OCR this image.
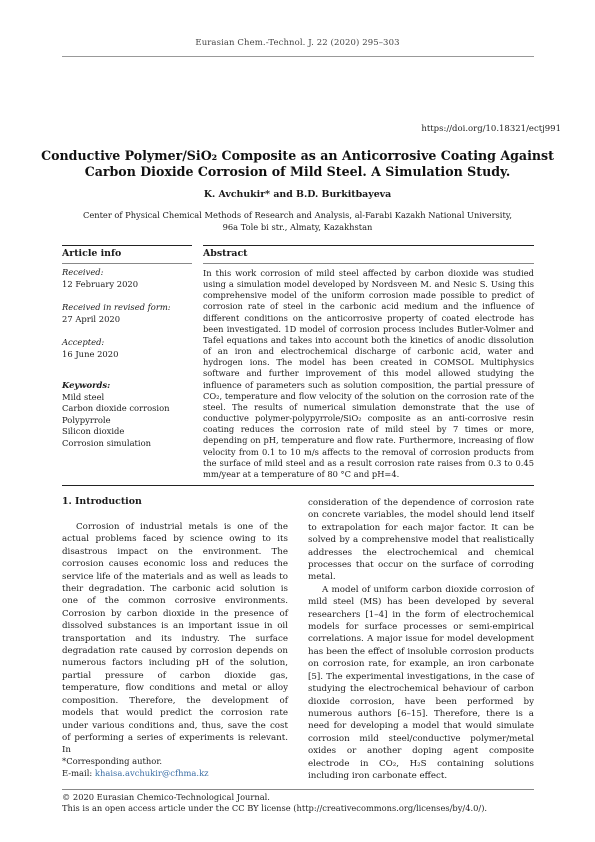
Eurasian Chem.-Technol. J. 22 (2020) 295–303
https://doi.org/10.18321/ectj991
Conductive Polymer/SiO₂ Composite as an Anticorrosive Coating Against
Carbon Dioxide Corrosion of Mild Steel. A Simulation Study.
K. Avchukir* and B.D. Burkitbayeva
Center of Physical Chemical Methods of Research and Analysis, al-Farabi Kazakh National University,
96a Tole bi str., Almaty, Kazakhstan
Article info
Received:
12 February 2020
Received in revised form:
27 April 2020
Accepted:
16 June 2020
Keywords:
Mild steel
Carbon dioxide corrosion
Polypyrrole
Silicon dioxide
Corrosion simulation
Abstract
In this work corrosion of mild steel affected by carbon dioxide was studied using a simulation model developed by Nordsveen M. and Nesic S. Using this comprehensive model of the uniform corrosion made possible to predict of corrosion rate of steel in the carbonic acid medium and the influence of different conditions on the anticorrosive property of coated electrode has been investigated. 1D model of corrosion process includes Butler-Volmer and Tafel equations and takes into account both the kinetics of anodic dissolution of an iron and electrochemical discharge of carbonic acid, water and hydrogen ions. The model has been created in COMSOL Multiphysics software and further improvement of this model allowed studying the influence of parameters such as solution composition, the partial pressure of CO₂, temperature and flow velocity of the solution on the corrosion rate of the steel. The results of numerical simulation demonstrate that the use of conductive polymer-polypyrrole/SiO₂ composite as an anti-corrosive resin coating reduces the corrosion rate of mild steel by 7 times or more, depending on pH, temperature and flow rate. Furthermore, increasing of flow velocity from 0.1 to 10 m/s affects to the removal of corrosion products from the surface of mild steel and as a result corrosion rate raises from 0.3 to 0.45 mm/year at a temperature of 80 °C and pH=4.
1. Introduction

Corrosion of industrial metals is one of the actual problems faced by science owing to its disastrous impact on the environment. The corrosion causes economic loss and reduces the service life of the materials and as well as leads to their degradation. The carbonic acid solution is one of the common corrosive environments. Corrosion by carbon dioxide in the presence of dissolved substances is an important issue in oil transportation and its industry. The surface degradation rate caused by corrosion depends on numerous factors including pH of the solution, partial pressure of carbon dioxide gas, temperature, flow conditions and metal or alloy composition. Therefore, the development of models that would predict the corrosion rate under various conditions and, thus, save the cost of performing a series of experiments is relevant. In

consideration of the dependence of corrosion rate on concrete variables, the model should lend itself to extrapolation for each major factor. It can be solved by a comprehensive model that realistically addresses the electrochemical and chemical processes that occur on the surface of corroding metal.

A model of uniform carbon dioxide corrosion of mild steel (MS) has been developed by several researchers [1–4] in the form of electrochemical models for surface processes or semi-empirical correlations. A major issue for model development has been the effect of insoluble corrosion products on corrosion rate, for example, an iron carbonate [5]. The experimental investigations, in the case of studying the electrochemical behaviour of carbon dioxide corrosion, have been performed by numerous authors [6–15]. Therefore, there is a need for developing a model that would simulate corrosion mild steel/conductive polymer/metal oxides or another doping agent composite electrode in CO₂, H₂S containing solutions including iron carbonate effect.

*Corresponding author.
E-mail: khaisa.avchukir@cfhma.kz
© 2020 Eurasian Chemico-Technological Journal.
This is an open access article under the CC BY license (http://creativecommons.org/licenses/by/4.0/).
